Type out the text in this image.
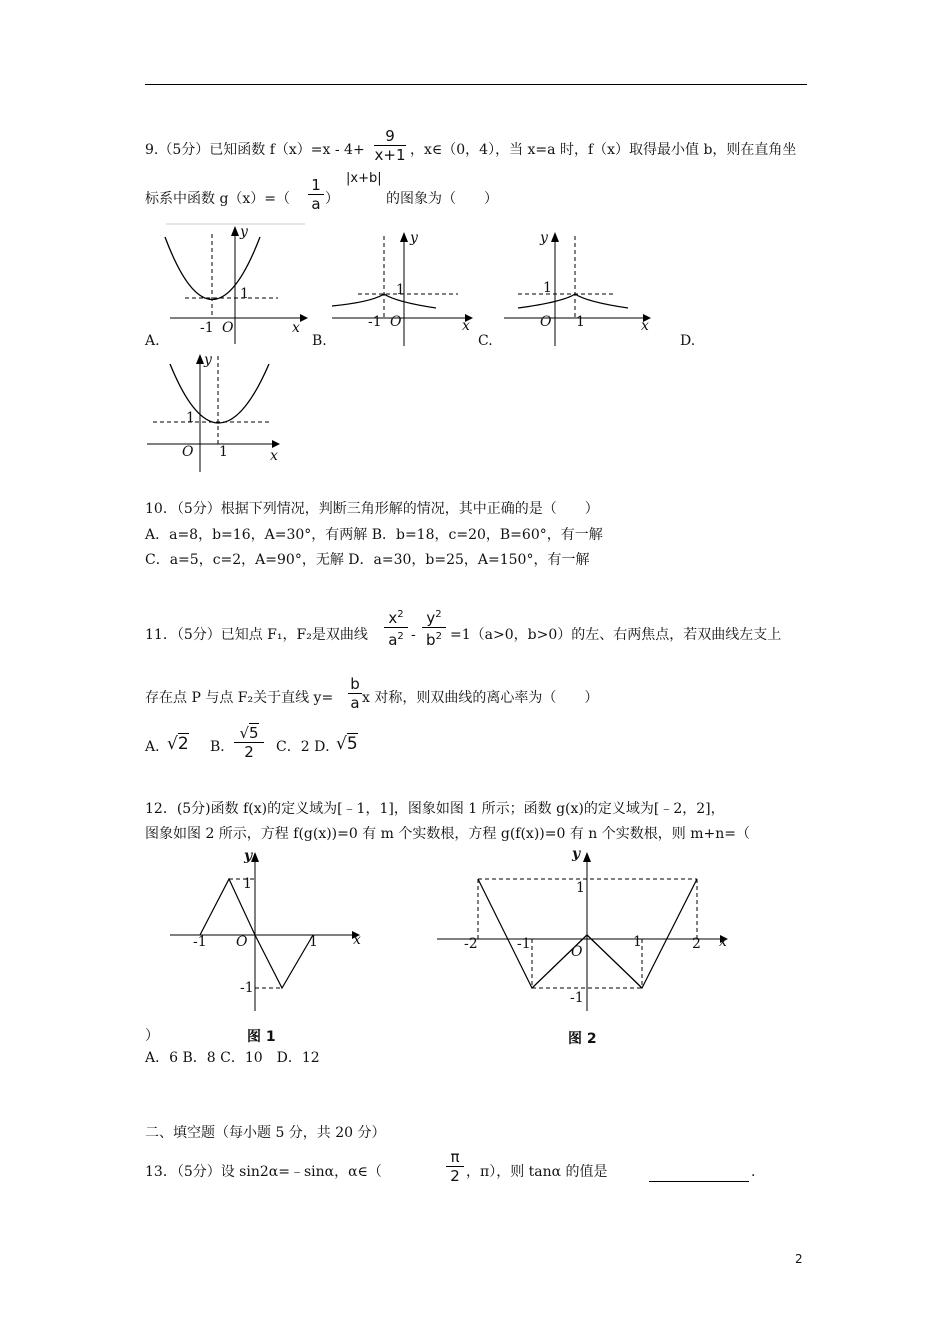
9.（5分）已知函数 f（x）=x - 4+
9
x+1 ，x∈（0，4），当 x=a 时，f（x）取得最小值 b，则在直角坐
标系中函数 g（x）=（
1
a ）
|x+b|
的图象为（　　）
y
1
-1 O	x
A.
y
1
-1 O	x
B.
y
1
O 1	x
C.	D.
y
1
O 1	x
10．（5分）根据下列情况，判断三角形解的情况，其中正确的是（　　）
A．a=8，b=16，A=30°，有两解 B．b=18，c=20，B=60°，有一解
C．a=5，c=2，A=90°，无解 D．a=30，b=25，A=150°，有一解
11．（5分）已知点 F₁，F₂是双曲线
$x^2$
$a^2$ -
$y^2$
$b^2 =1(a>0$，b>0）的左、右两焦点，若双曲线左支上
存在点 P 与点 F₂关于直线 y=
b
a x 对称，则双曲线的离心率为（　　）
A．
√2 B．
√5
2	C．2 D．
√5
12．(5分)函数 f(x)的定义域为[﹣1，1]，图象如图 1 所示；函数 g(x)的定义域为[﹣2，2]，
图象如图 2 所示，方程 f(g(x))=0 有 m 个实数根，方程 g(f(x))=0 有 n 个实数根，则 m+n=（
y
1
-1 O	1	x
-1
图 1
y
1
-2	-1	O
1	2 x
-1
图 2
）
A．6 B．8 C．10　D．12
二、填空题（每小题 5 分，共 20 分）
13．（5分）设 sin2α=﹣sinα，α∈（
π
2 ，π），则 tanα 的值是	.
2
